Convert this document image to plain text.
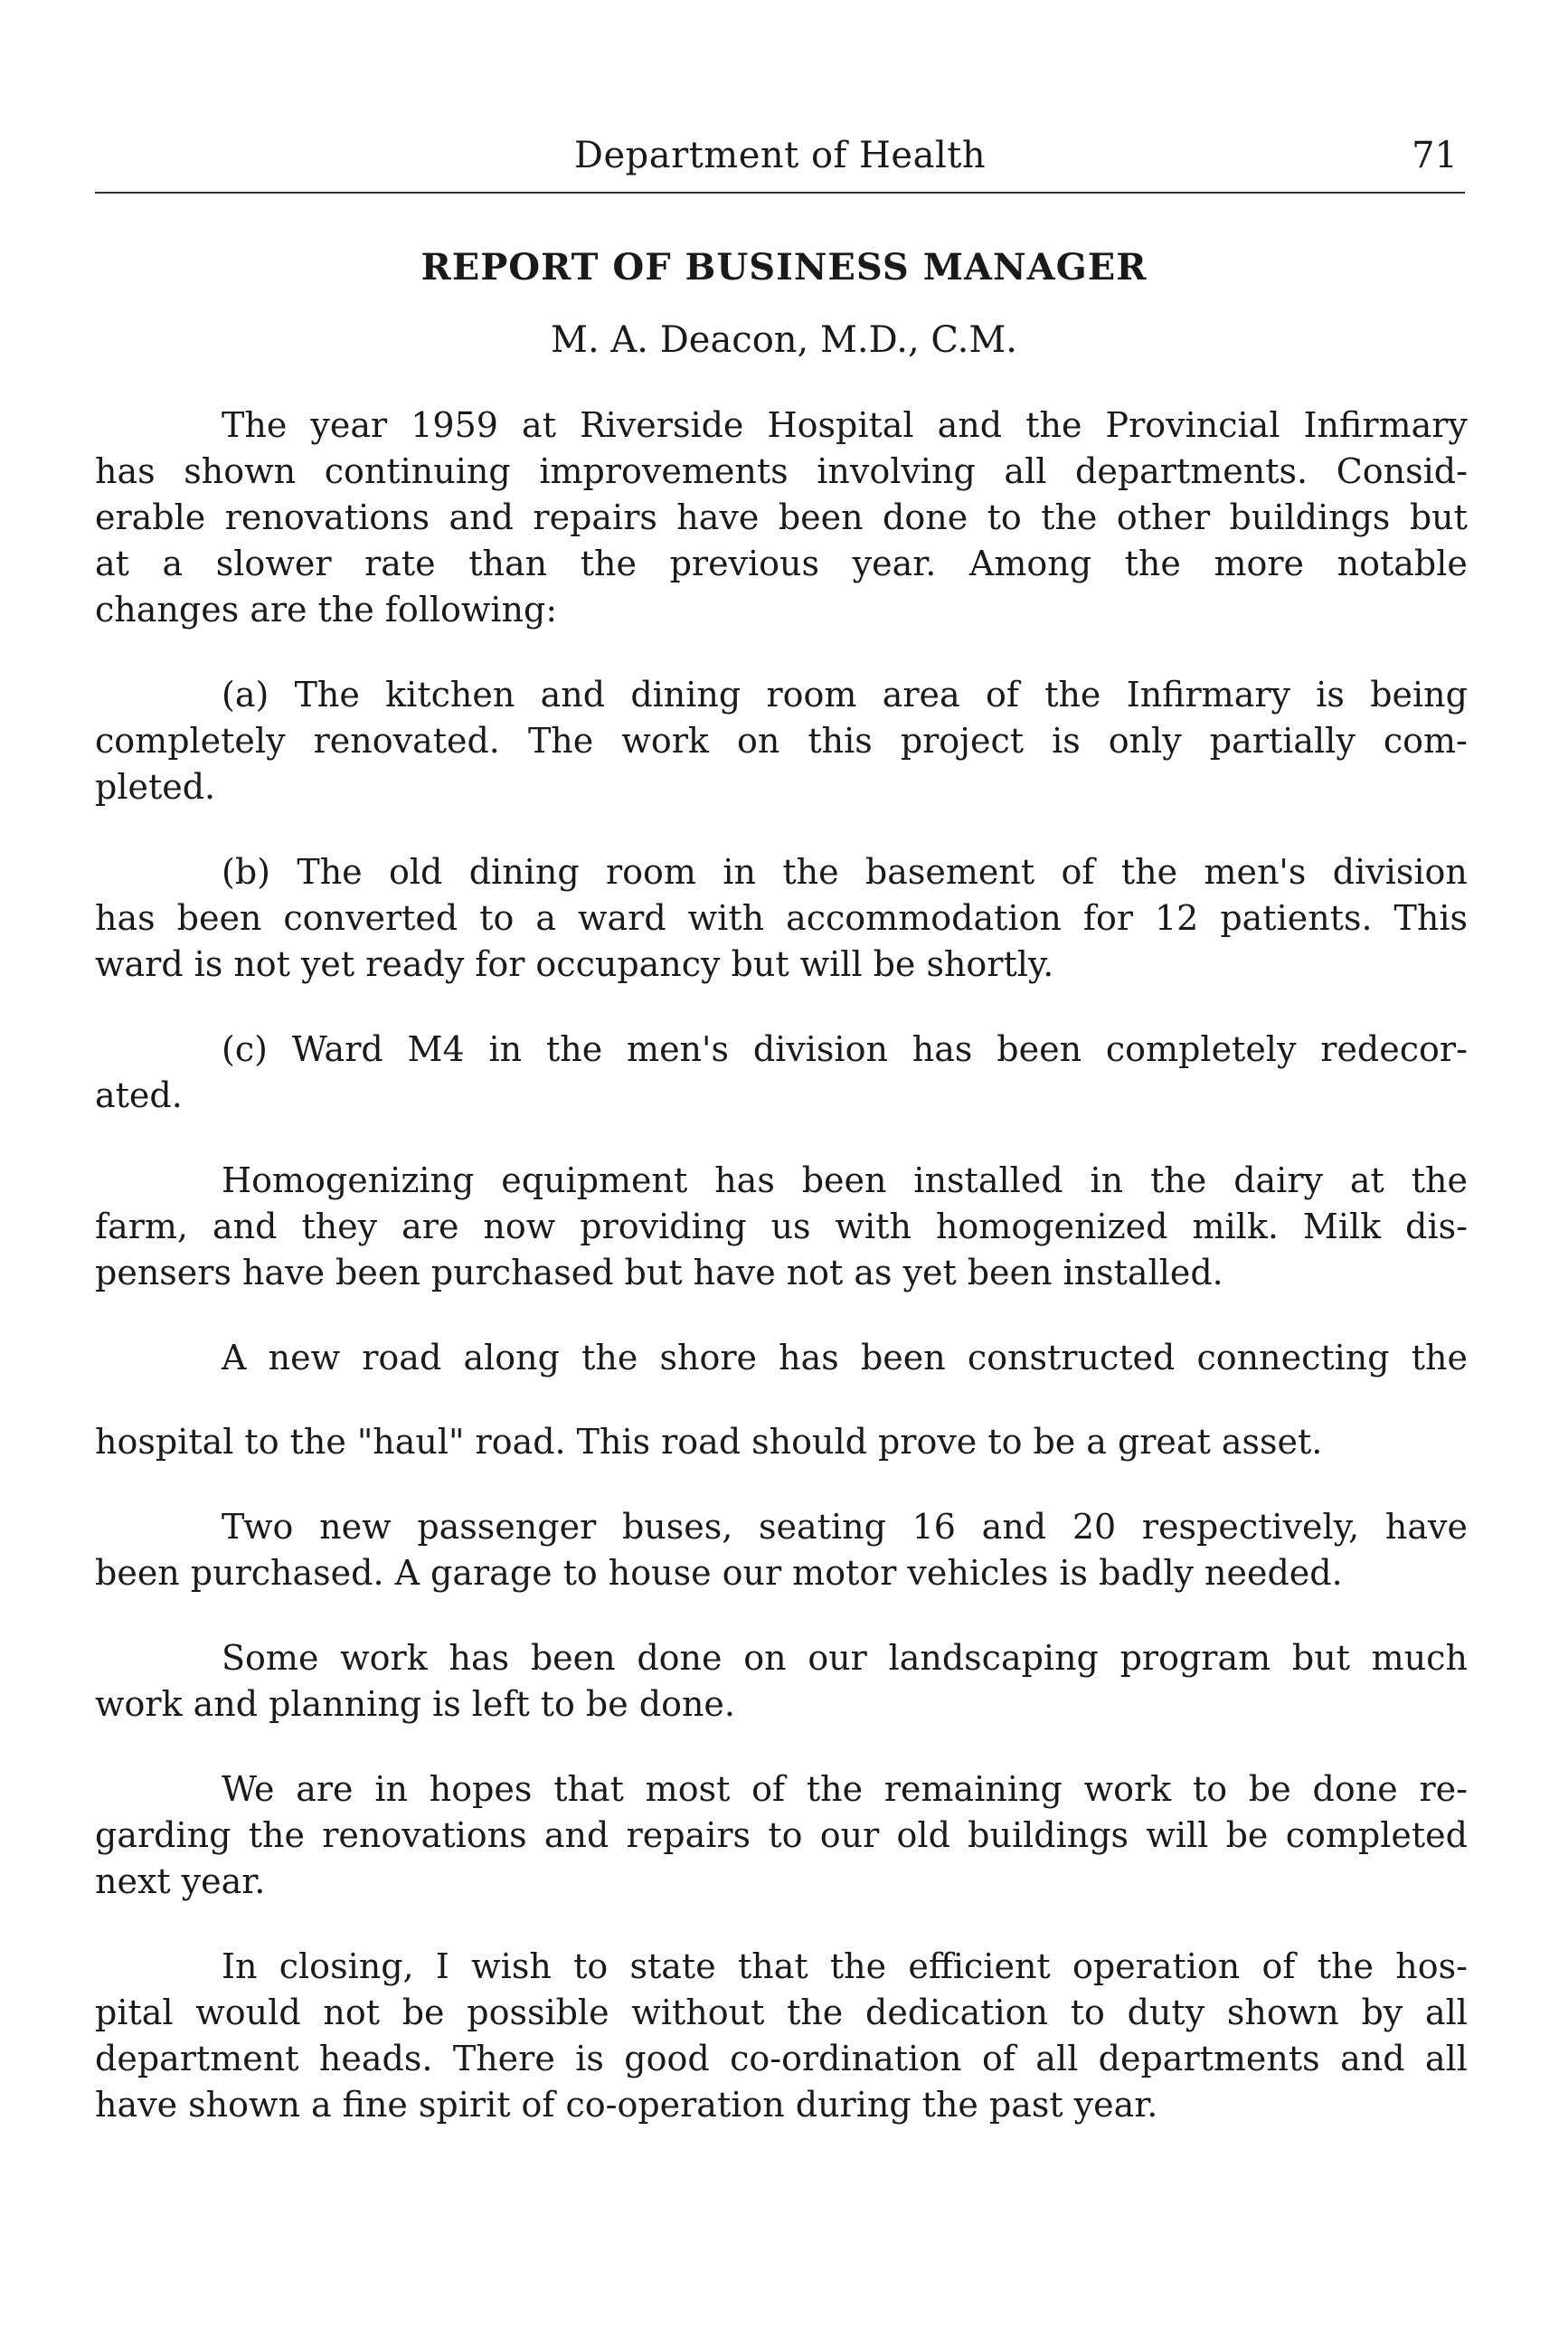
Department of Health	71
REPORT OF BUSINESS MANAGER
M. A. Deacon, M.D., C.M.
The year 1959 at Riverside Hospital and the Provincial Infirmary
has shown continuing improvements involving all departments. Consid-
erable renovations and repairs have been done to the other buildings but
at a slower rate than the previous year. Among the more notable
changes are the following:
(a) The kitchen and dining room area of the Infirmary is being
completely renovated. The work on this project is only partially com-
pleted.
(b) The old dining room in the basement of the men's division
has been converted to a ward with accommodation for 12 patients. This
ward is not yet ready for occupancy but will be shortly.
(c) Ward M4 in the men's division has been completely redecor-
ated.
Homogenizing equipment has been installed in the dairy at the
farm, and they are now providing us with homogenized milk. Milk dis-
pensers have been purchased but have not as yet been installed.
A new road along the shore has been constructed connecting the
hospital to the "haul" road. This road should prove to be a great asset.
Two new passenger buses, seating 16 and 20 respectively, have
been purchased. A garage to house our motor vehicles is badly needed.
Some work has been done on our landscaping program but much
work and planning is left to be done.
We are in hopes that most of the remaining work to be done re-
garding the renovations and repairs to our old buildings will be completed
next year.
In closing, I wish to state that the efficient operation of the hos-
pital would not be possible without the dedication to duty shown by all
department heads. There is good co-ordination of all departments and all
have shown a fine spirit of co-operation during the past year.
